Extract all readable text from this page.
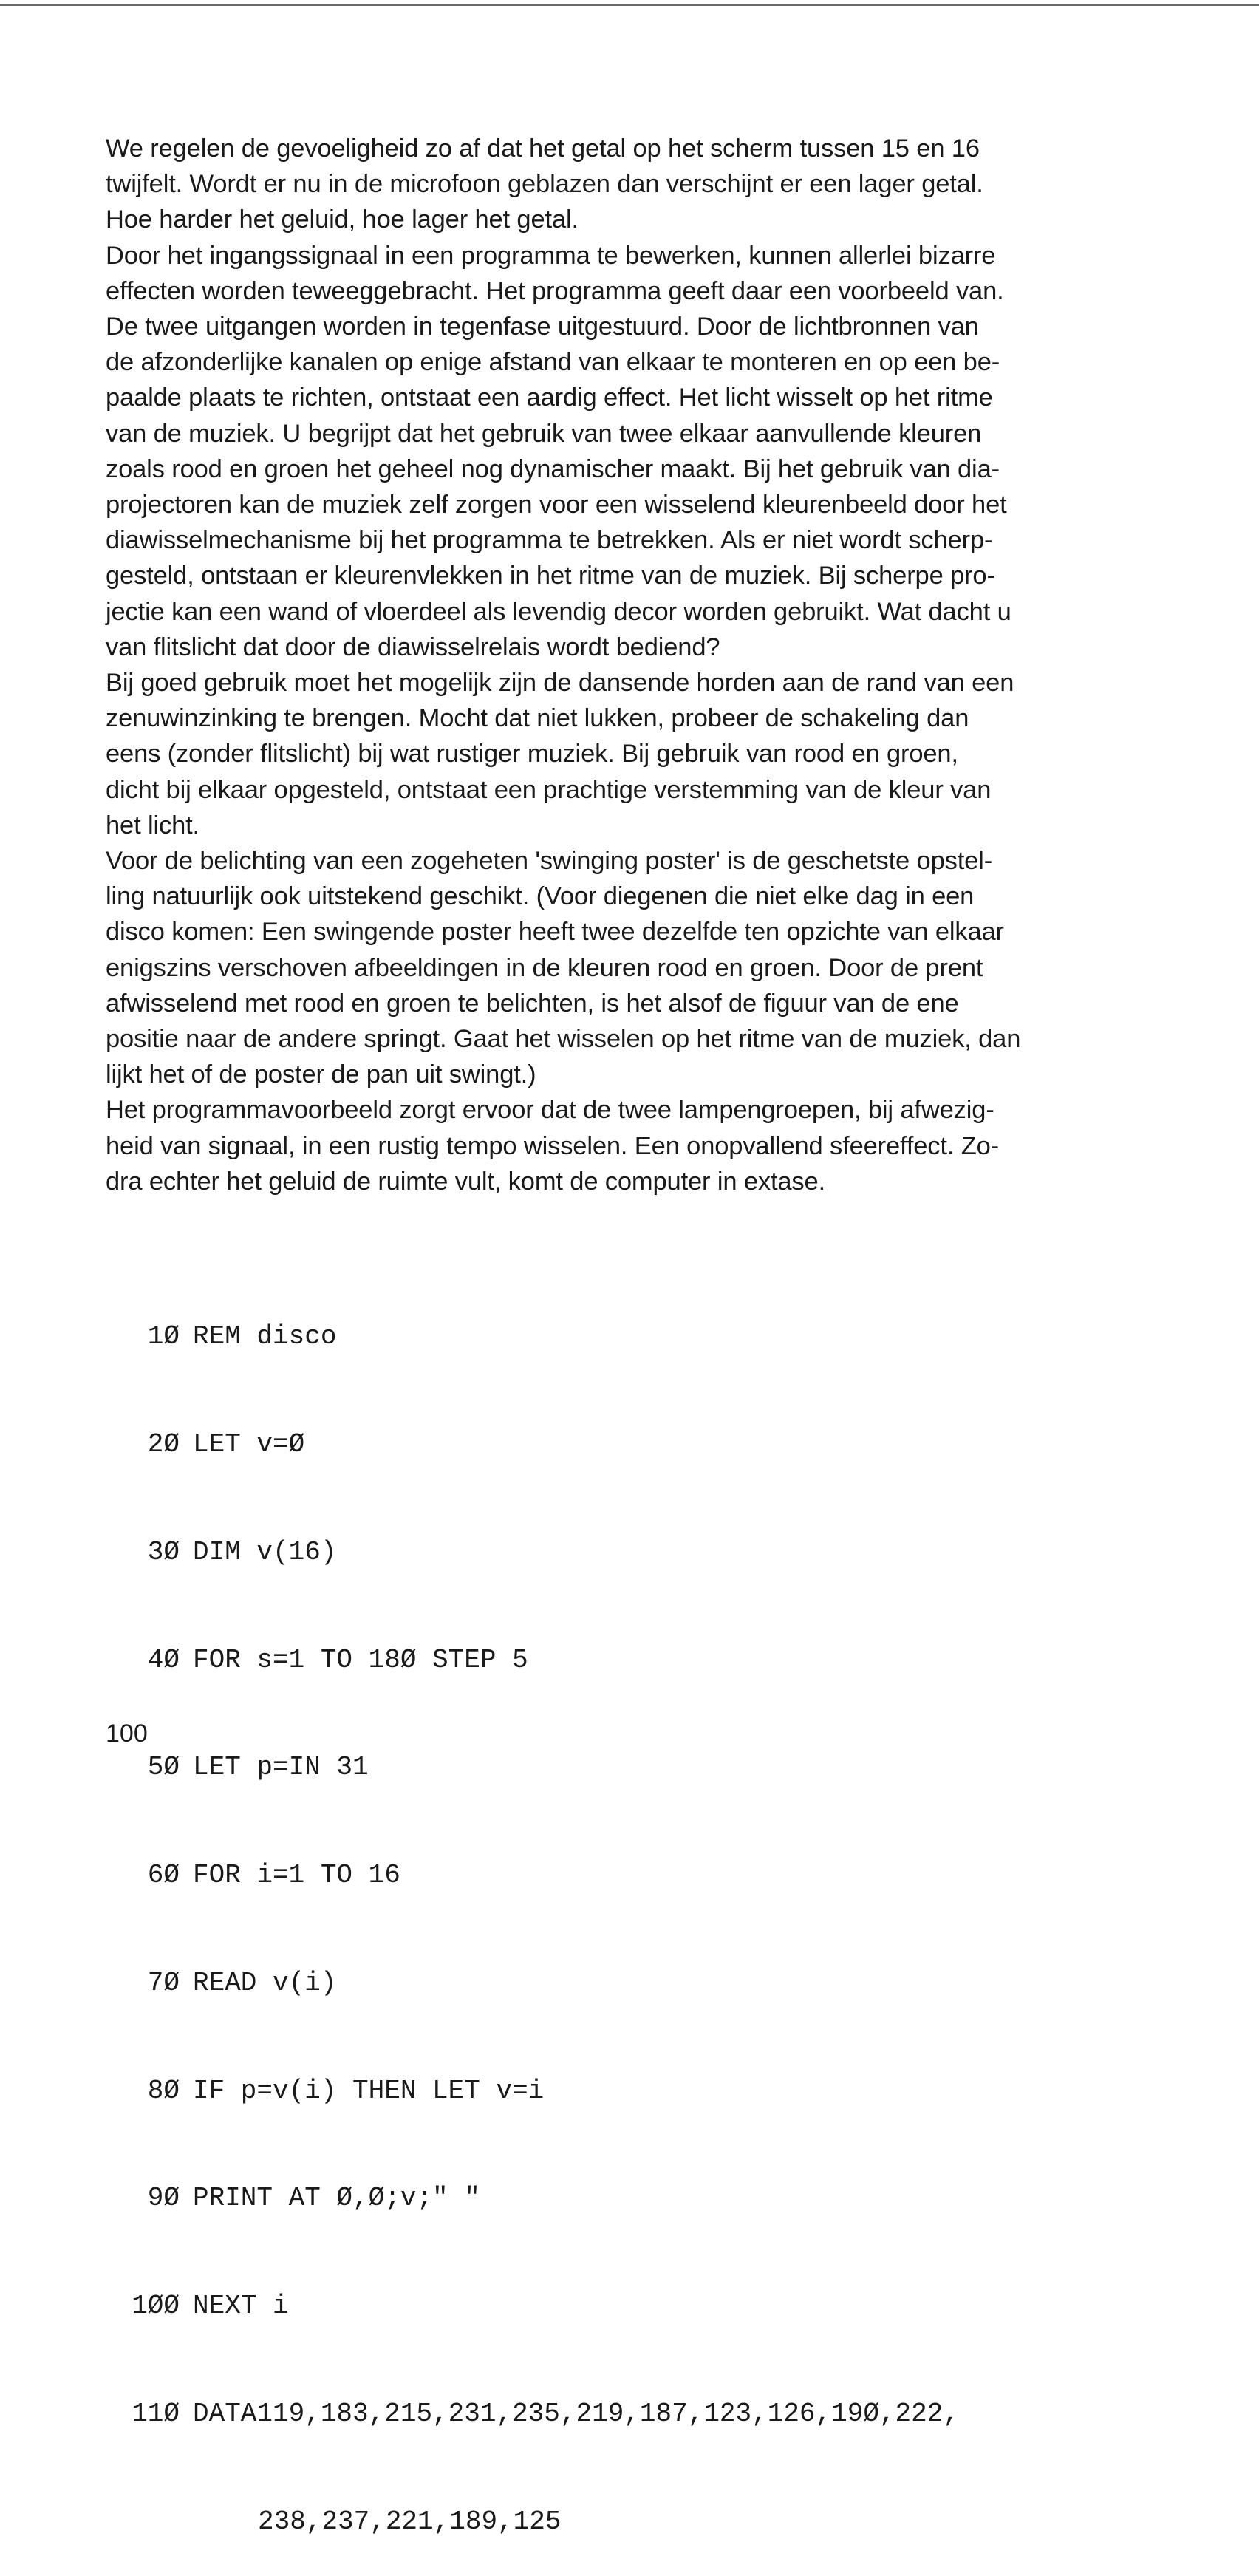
We regelen de gevoeligheid zo af dat het getal op het scherm tussen 15 en 16

twijfelt. Wordt er nu in de microfoon geblazen dan verschijnt er een lager getal.

Hoe harder het geluid, hoe lager het getal.

Door het ingangssignaal in een programma te bewerken, kunnen allerlei bizarre

effecten worden teweeggebracht. Het programma geeft daar een voorbeeld van.

De twee uitgangen worden in tegenfase uitgestuurd. Door de lichtbronnen van

de afzonderlijke kanalen op enige afstand van elkaar te monteren en op een be-

paalde plaats te richten, ontstaat een aardig effect. Het licht wisselt op het ritme

van de muziek. U begrijpt dat het gebruik van twee elkaar aanvullende kleuren

zoals rood en groen het geheel nog dynamischer maakt. Bij het gebruik van dia-

projectoren kan de muziek zelf zorgen voor een wisselend kleurenbeeld door het

diawisselmechanisme bij het programma te betrekken. Als er niet wordt scherp-

gesteld, ontstaan er kleurenvlekken in het ritme van de muziek. Bij scherpe pro-

jectie kan een wand of vloerdeel als levendig decor worden gebruikt. Wat dacht u

van flitslicht dat door de diawisselrelais wordt bediend?

Bij goed gebruik moet het mogelijk zijn de dansende horden aan de rand van een

zenuwinzinking te brengen. Mocht dat niet lukken, probeer de schakeling dan

eens (zonder flitslicht) bij wat rustiger muziek. Bij gebruik van rood en groen,

dicht bij elkaar opgesteld, ontstaat een prachtige verstemming van de kleur van

het licht.

Voor de belichting van een zogeheten 'swinging poster' is de geschetste opstel-

ling natuurlijk ook uitstekend geschikt. (Voor diegenen die niet elke dag in een

disco komen: Een swingende poster heeft twee dezelfde ten opzichte van elkaar

enigszins verschoven afbeeldingen in de kleuren rood en groen. Door de prent

afwisselend met rood en groen te belichten, is het alsof de figuur van de ene

positie naar de andere springt. Gaat het wisselen op het ritme van de muziek, dan

lijkt het of de poster de pan uit swingt.)

Het programmavoorbeeld zorgt ervoor dat de twee lampengroepen, bij afwezig-

heid van signaal, in een rustig tempo wisselen. Een onopvallend sfeereffect. Zo-

dra echter het geluid de ruimte vult, komt de computer in extase.

1Ø REM disco

2Ø LET v=Ø

3Ø DIM v(16)

4Ø FOR s=1 TO 18Ø STEP 5

5Ø LET p=IN 31

6Ø FOR i=1 TO 16

7Ø READ v(i)

8Ø IF p=v(i) THEN LET v=i

9Ø PRINT AT Ø,Ø;v;" "

1ØØ NEXT i

11Ø DATA119,183,215,231,235,219,187,123,126,19Ø,222,

238,237,221,189,125

100
